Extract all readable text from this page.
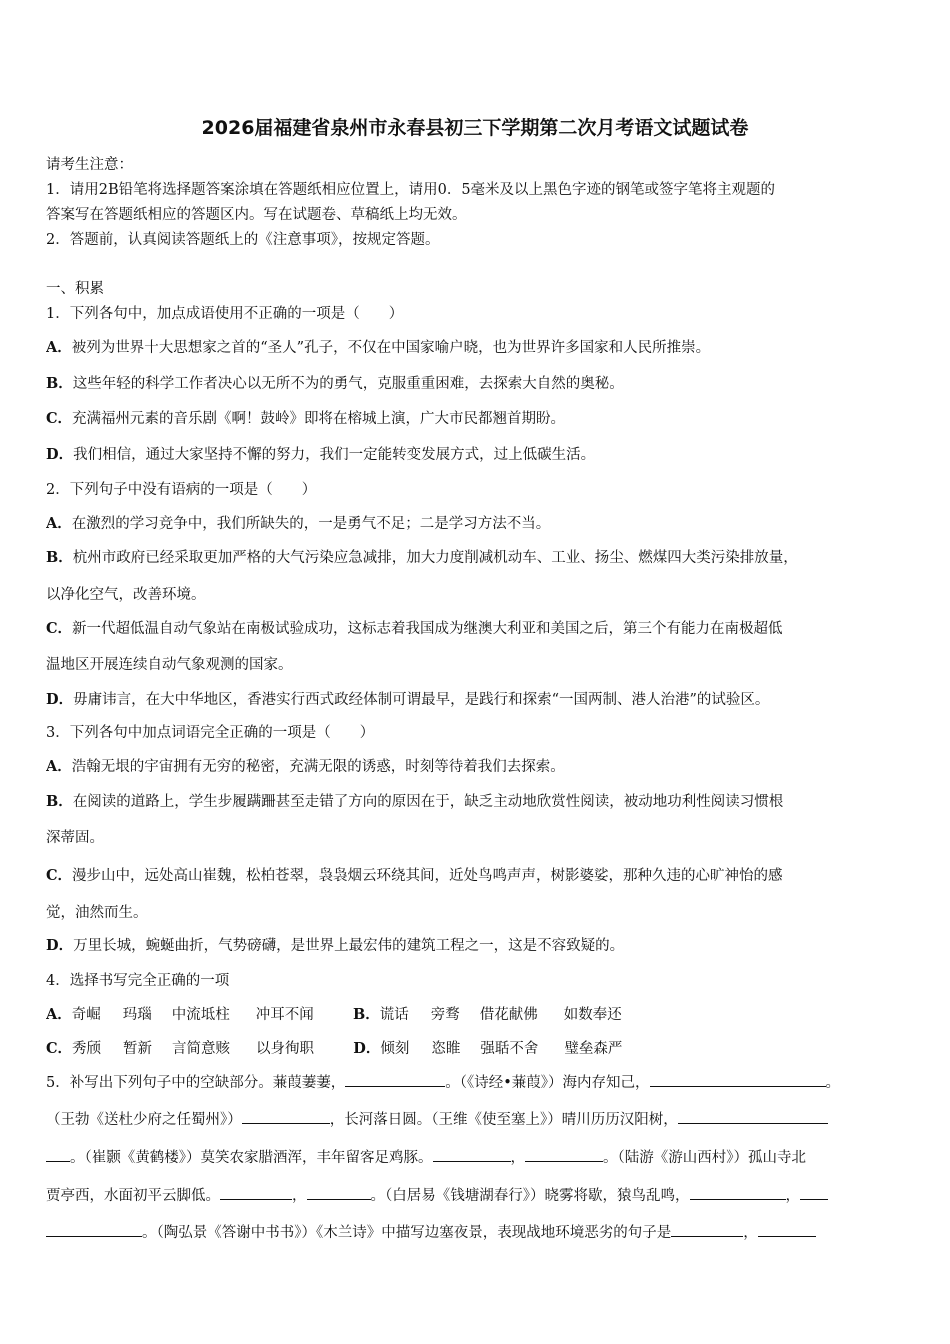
2026届福建省泉州市永春县初三下学期第二次月考语文试题试卷
请考生注意：
1．请用2B铅笔将选择题答案涂填在答题纸相应位置上，请用0．5毫米及以上黑色字迹的钢笔或签字笔将主观题的
答案写在答题纸相应的答题区内。写在试题卷、草稿纸上均无效。
2．答题前，认真阅读答题纸上的《注意事项》，按规定答题。
一、积累
1．下列各句中，加点成语使用不正确的一项是（　　）
A．被列为世界十大思想家之首的“圣人”孔子，不仅在中国家喻户晓，也为世界许多国家和人民所推崇。
B．这些年轻的科学工作者决心以无所不为的勇气，克服重重困难，去探索大自然的奥秘。
C．充满福州元素的音乐剧《啊！鼓岭》即将在榕城上演，广大市民都翘首期盼。
D．我们相信，通过大家坚持不懈的努力，我们一定能转变发展方式，过上低碳生活。
2．下列句子中没有语病的一项是（　　）
A．在激烈的学习竞争中，我们所缺失的，一是勇气不足；二是学习方法不当。
B．杭州市政府已经采取更加严格的大气污染应急减排，加大力度削减机动车、工业、扬尘、燃煤四大类污染排放量，
以净化空气，改善环境。
C．新一代超低温自动气象站在南极试验成功，这标志着我国成为继澳大利亚和美国之后，第三个有能力在南极超低
温地区开展连续自动气象观测的国家。
D．毋庸讳言，在大中华地区，香港实行西式政经体制可谓最早，是践行和探索“一国两制、港人治港”的试验区。
3．下列各句中加点词语完全正确的一项是（　　）
A．浩翰无垠的宇宙拥有无穷的秘密，充满无限的诱惑，时刻等待着我们去探索。
B．在阅读的道路上，学生步履蹒跚甚至走错了方向的原因在于，缺乏主动地欣赏性阅读，被动地功利性阅读习惯根
深蒂固。
C．漫步山中，远处高山崔魏，松柏苍翠，袅袅烟云环绕其间，近处鸟鸣声声，树影婆娑，那种久违的心旷神怡的感
觉，油然而生。
D．万里长城，蜿蜒曲折，气势磅礴，是世界上最宏伟的建筑工程之一，这是不容致疑的。
4．选择书写完全正确的一项
A．奇崛 玛瑙 中流坻柱 冲耳不闻	B．谎话 旁骛 借花献佛 如数奉还
C．秀颀 暂新 言简意赅 以身徇职	D．倾刻 恣睢 强聒不舍 璧垒森严
5．补写出下列句子中的空缺部分。蒹葭萋萋，	。（《诗经•蒹葭》）海内存知己，	。
（王勃《送杜少府之任蜀州》）	，长河落日圆。（王维《使至塞上》）晴川历历汉阳树，
。（崔颢《黄鹤楼》）莫笑农家腊酒浑，丰年留客足鸡豚。	，	。（陆游《游山西村》）孤山寺北
贾亭西，水面初平云脚低。	，	。（白居易《钱塘湖春行》）晓雾将歇，猿鸟乱鸣，	，
。（陶弘景《答谢中书书》）《木兰诗》中描写边塞夜景，表现战地环境恶劣的句子是	，
